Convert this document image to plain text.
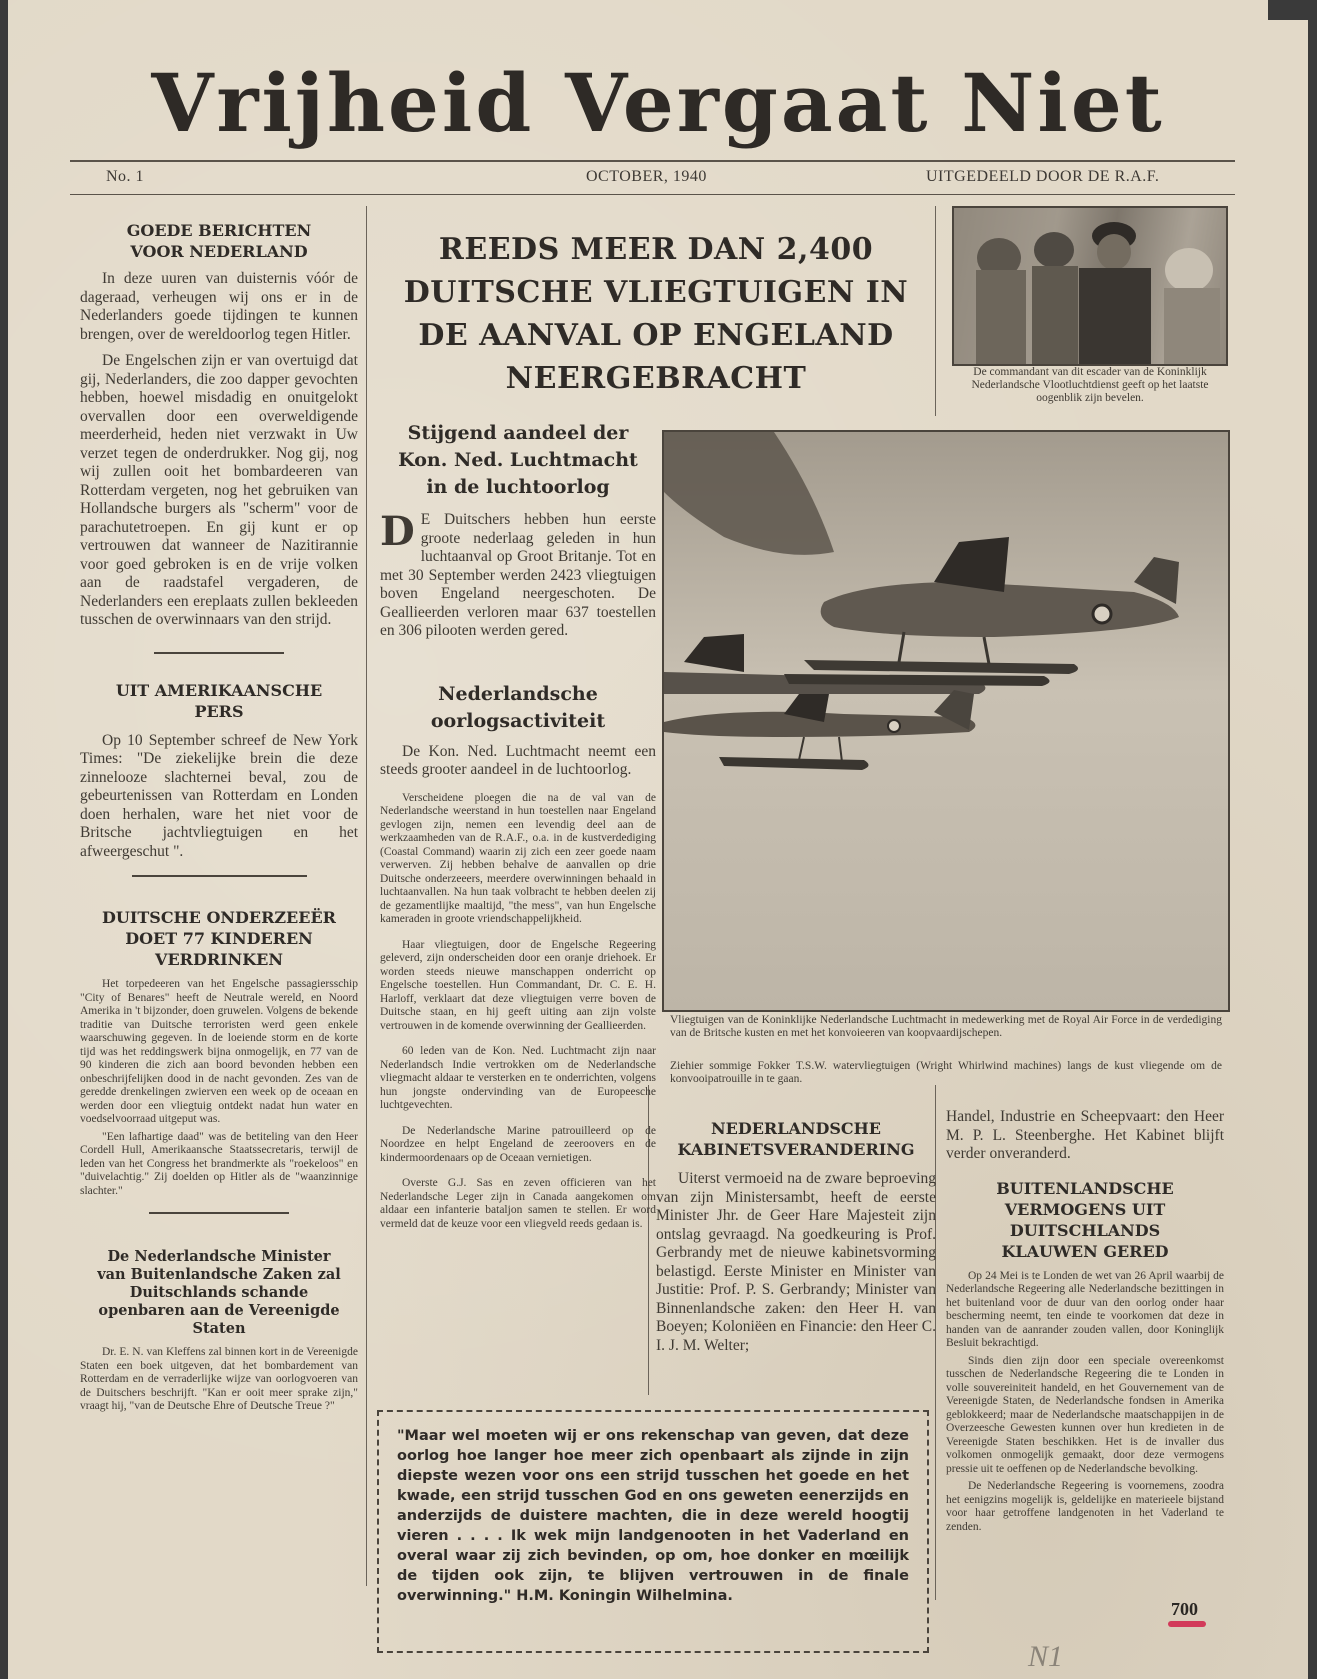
Vrijheid Vergaat Niet
No. 1	OCTOBER, 1940	UITGEDEELD DOOR DE R.A.F.
GOEDE BERICHTEN VOOR NEDERLAND

In deze uuren van duisternis vóór de dageraad, verheugen wij ons er in de Nederlanders goede tijdingen te kunnen brengen, over de wereldoorlog tegen Hitler.

De Engelschen zijn er van overtuigd dat gij, Nederlanders, die zoo dapper gevochten hebben, hoewel misdadig en onuitgelokt overvallen door een overweldigende meerderheid, heden niet verzwakt in Uw verzet tegen de onderdrukker. Nog gij, nog wij zullen ooit het bombardeeren van Rotterdam vergeten, nog het gebruiken van Hollandsche burgers als "scherm" voor de parachutetroepen. En gij kunt er op vertrouwen dat wanneer de Nazitirannie voor goed gebroken is en de vrije volken aan de raadstafel vergaderen, de Nederlanders een ereplaats zullen bekleeden tusschen de overwinnaars van den strijd.

UIT AMERIKAANSCHE PERS

Op 10 September schreef de New York Times: "De ziekelijke brein die deze zinnelooze slachternei beval, zou de gebeurtenissen van Rotterdam en Londen doen herhalen, ware het niet voor de Britsche jachtvliegtuigen en het afweergeschut ".

DUITSCHE ONDERZEEËR DOET 77 KINDEREN VERDRINKEN

Het torpedeeren van het Engelsche passagiersschip "City of Benares" heeft de Neutrale wereld, en Noord Amerika in 't bijzonder, doen gruwelen. Volgens de bekende traditie van Duitsche terroristen werd geen enkele waarschuwing gegeven. In de loeiende storm en de korte tijd was het reddingswerk bijna onmogelijk, en 77 van de 90 kinderen die zich aan boord bevonden hebben een onbeschrijfelijken dood in de nacht gevonden. Zes van de geredde drenkelingen zwierven een week op de oceaan en werden door een vliegtuig ontdekt nadat hun water en voedselvoorraad uitgeput was.

"Een lafhartige daad" was de betiteling van den Heer Cordell Hull, Amerikaansche Staatssecretaris, terwijl de leden van het Congress het brandmerkte als "roekeloos" en "duivelachtig." Zij doelden op Hitler als de "waanzinnige slachter."

De Nederlandsche Minister van Buitenlandsche Zaken zal Duitschlands schande openbaren aan de Vereenigde Staten

Dr. E. N. van Kleffens zal binnen kort in de Vereenigde Staten een boek uitgeven, dat het bombardement van Rotterdam en de verraderlijke wijze van oorlogvoeren van de Duitschers beschrijft. "Kan er ooit meer sprake zijn," vraagt hij, "van de Deutsche Ehre of Deutsche Treue ?"

REEDS MEER DAN 2,400 DUITSCHE VLIEGTUIGEN IN DE AANVAL OP ENGELAND NEERGEBRACHT	De commandant van dit escader van de Koninklijk Nederlandsche Vlootluchtdienst geeft op het laatste oogenblik zijn bevelen.
Stijgend aandeel der Kon. Ned. Luchtmacht in de luchtoorlog
D E Duitschers hebben hun eerste groote nederlaag geleden in hun luchtaanval op Groot Britanje. Tot en met 30 September werden 2423 vliegtuigen boven Engeland neergeschoten. De Geallieerden verloren maar 637 toestellen en 306 pilooten werden gered.
Nederlandsche oorlogsactiviteit

De Kon. Ned. Luchtmacht neemt een steeds grooter aandeel in de luchtoorlog.

Verscheidene ploegen die na de val van de Nederlandsche weerstand in hun toestellen naar Engeland gevlogen zijn, nemen een levendig deel aan de werkzaamheden van de R.A.F., o.a. in de kustverdediging (Coastal Command) waarin zij zich een zeer goede naam verwerven. Zij hebben behalve de aanvallen op drie Duitsche onderzeeers, meerdere overwinningen behaald in luchtaanvallen. Na hun taak volbracht te hebben deelen zij de gezamentlijke maaltijd, "the mess", van hun Engelsche kameraden in groote vriendschappelijkheid.

Haar vliegtuigen, door de Engelsche Regeering geleverd, zijn onderscheiden door een oranje driehoek. Er worden steeds nieuwe manschappen onderricht op Engelsche toestellen. Hun Commandant, Dr. C. E. H. Harloff, verklaart dat deze vliegtuigen verre boven de Duitsche staan, en hij geeft uiting aan zijn volste vertrouwen in de komende overwinning der Geallieerden.

60 leden van de Kon. Ned. Luchtmacht zijn naar Nederlandsch Indie vertrokken om de Nederlandsche vliegmacht aldaar te versterken en te onderrichten, volgens hun jongste ondervinding van de Europeesche luchtgevechten.

De Nederlandsche Marine patrouilleerd op de Noordzee en helpt Engeland de zeeroovers en de kindermoordenaars op de Oceaan vernietigen.

Overste G.J. Sas en zeven officieren van het Nederlandsche Leger zijn in Canada aangekomen om aldaar een infanterie bataljon samen te stellen. Er word vermeld dat de keuze voor een vliegveld reeds gedaan is.

Vliegtuigen van de Koninklijke Nederlandsche Luchtmacht in medewerking met de Royal Air Force in de verdediging van de Britsche kusten en met het konvoieeren van koopvaardijschepen.
Ziehier sommige Fokker T.S.W. watervliegtuigen (Wright Whirlwind machines) langs de kust vliegende om de konvooipatrouille in te gaan.
NEDERLANDSCHE KABINETSVERANDERING

Uiterst vermoeid na de zware beproeving van zijn Ministersambt, heeft de eerste Minister Jhr. de Geer Hare Majesteit zijn ontslag gevraagd. Na goedkeuring is Prof. Gerbrandy met de nieuwe kabinetsvorming belastigd. Eerste Minister en Minister van Justitie: Prof. P. S. Gerbrandy; Minister van Binnenlandsche zaken: den Heer H. van Boeyen; Koloniëen en Financie: den Heer C. I. J. M. Welter;

Handel, Industrie en Scheepvaart: den Heer M. P. L. Steenberghe. Het Kabinet blijft verder onveranderd.

BUITENLANDSCHE VERMOGENS UIT DUITSCHLANDS KLAUWEN GERED

Op 24 Mei is te Londen de wet van 26 April waarbij de Nederlandsche Regeering alle Nederlandsche bezittingen in het buitenland voor de duur van den oorlog onder haar bescherming neemt, ten einde te voorkomen dat deze in handen van de aanrander zouden vallen, door Koninglijk Besluit bekrachtigd.

Sinds dien zijn door een speciale overeenkomst tusschen de Nederlandsche Regeering die te Londen in volle souvereiniteit handeld, en het Gouvernement van de Vereenigde Staten, de Nederlandsche fondsen in Amerika geblokkeerd; maar de Nederlandsche maatschappijen in de Overzeesche Gewesten kunnen over hun kredieten in de Vereenigde Staten beschikken. Het is de invaller dus volkomen onmogelijk gemaakt, door deze vermogens pressie uit te oeffenen op de Nederlandsche bevolking.

De Nederlandsche Regeering is voornemens, zoodra het eenigzins mogelijk is, geldelijke en materieele bijstand voor haar getroffene landgenoten in het Vaderland te zenden.

"Maar wel moeten wij er ons rekenschap van geven, dat deze oorlog hoe langer hoe meer zich openbaart als zijnde in zijn diepste wezen voor ons een strijd tusschen het goede en het kwade, een strijd tusschen God en ons geweten eenerzijds en anderzijds de duistere machten, die in deze wereld hoogtij vieren . . . . Ik wek mijn landgenooten in het Vaderland en overal waar zij zich bevinden, op om, hoe donker en mœilijk de tijden ook zijn, te blijven vertrouwen in de finale overwinning." H.M. Koningin Wilhelmina.
700
N1
